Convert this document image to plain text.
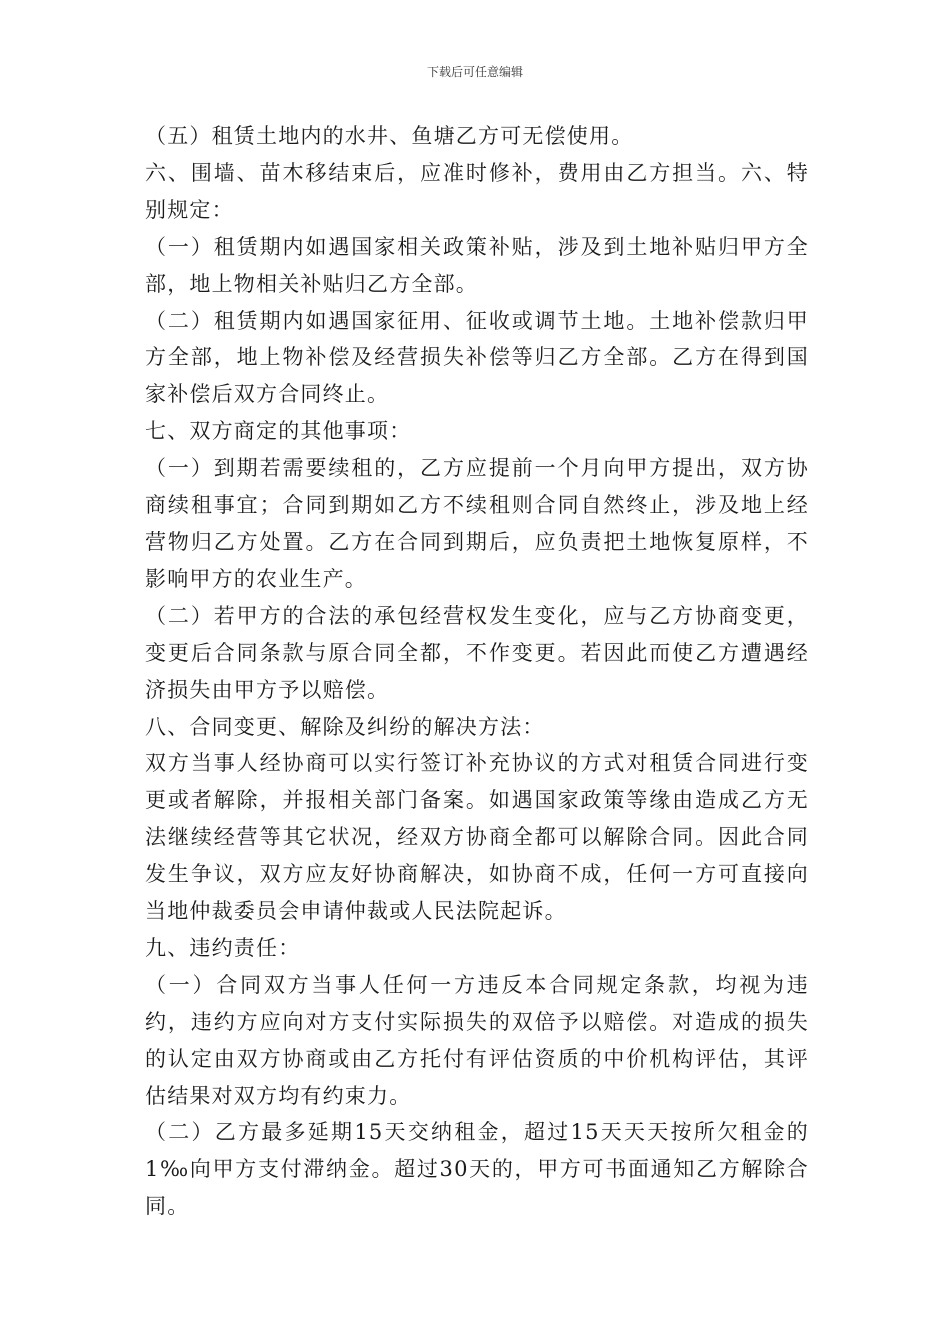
下载后可任意编辑

（五）租赁土地内的水井、鱼塘乙方可无偿使用。

六、围墙、苗木移结束后，应准时修补，费用由乙方担当。六、特别规定：

（一）租赁期内如遇国家相关政策补贴，涉及到土地补贴归甲方全部，地上物相关补贴归乙方全部。

（二）租赁期内如遇国家征用、征收或调节土地。土地补偿款归甲方全部，地上物补偿及经营损失补偿等归乙方全部。乙方在得到国家补偿后双方合同终止。

七、双方商定的其他事项：

（一）到期若需要续租的，乙方应提前一个月向甲方提出，双方协商续租事宜；合同到期如乙方不续租则合同自然终止，涉及地上经营物归乙方处置。乙方在合同到期后，应负责把土地恢复原样，不影响甲方的农业生产。

（二）若甲方的合法的承包经营权发生变化，应与乙方协商变更，变更后合同条款与原合同全都，不作变更。若因此而使乙方遭遇经济损失由甲方予以赔偿。

八、合同变更、解除及纠纷的解决方法：

双方当事人经协商可以实行签订补充协议的方式对租赁合同进行变更或者解除，并报相关部门备案。如遇国家政策等缘由造成乙方无法继续经营等其它状况，经双方协商全都可以解除合同。因此合同发生争议，双方应友好协商解决，如协商不成，任何一方可直接向当地仲裁委员会申请仲裁或人民法院起诉。

九、违约责任：

（一）合同双方当事人任何一方违反本合同规定条款，均视为违约，违约方应向对方支付实际损失的双倍予以赔偿。对造成的损失的认定由双方协商或由乙方托付有评估资质的中价机构评估，其评估结果对双方均有约束力。

（二）乙方最多延期15天交纳租金，超过15天天天按所欠租金的1‰向甲方支付滞纳金。超过30天的，甲方可书面通知乙方解除合同。
